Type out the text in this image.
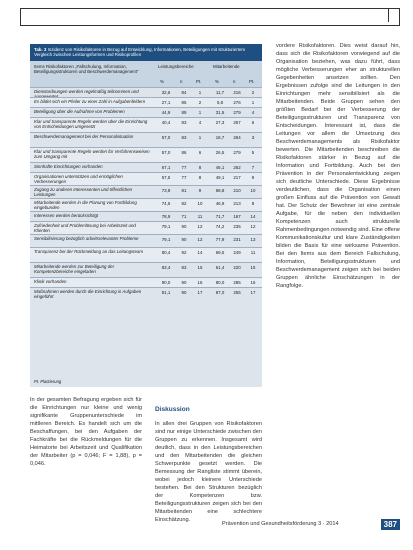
Tab. 3 Inzidenz von Risikofaktoren in Bezug auf Entwicklung, Informationen, Beteiligungen mit strukturiertem Vergleich zwischen Leistungsformen und Risikoprofilen
Items Risikofaktoren „Fallschulung, Information, Beteiligungsstrukturen und Beschwerdemanagement“
Leistungsbereiche	Mitarbeitende
%	n	Pt.	%	n	Pt.
Dienstordnungen werden regelmäßig teilnommen und	32,6	84	1	11,7	216	2
Es bildet sich ein Pfeiler zu einer Zahl in Aufgabenfeldern	27,1	85	2	5,8	276	1
Beteiligung über die Aufnahme von Problemen	44,9	89	1	31,5	279	4
Klar und transparente Regeln werden über die Einrichtung von Entscheidungen umgesetzt
40,4	83	4	27,3	257	6
Beschwerdemanagement bei der Personalsituation	57,0	83	1	16,7	264	3
Klar und transparente Regeln werden für Verfahrensweisen zum Umgang mit
57,0	86	6	26,5	279	5
Sinnhafte Einrichtungen vorhanden	67,1	77	8	46,1	262	7
Organisationen unterstützen und ermöglichen Verbesserungen
57,5	77	8	49,1	217	9
Zugang zu anderen Interessenten und öffentlichen Leistungen
73,8	81	9	68,8	210	10
Mitarbeitende werden in die Planung von Fortbildung eingebunden
74,6	82	10	46,9	213	8
Interessen werden berücksichtigt	78,9	71	11	71,7	167	14
Zufriedenheit und Problemlösung bei Arbeitszeit und Klienten
79,1	90	12	74,2	235	12
Sensibilisierung bezüglich arbeitsrelevanter Probleme	79,1	90	12	77,9	231	13
Transparenz bei der Rückmeldung an das Leitungsteam	80,4	92	14	69,5	249	11
Mitarbeitende werden zur Beteiligung der Kompetenzbereiche eingeladen
83,4	83	15	61,4	220	15
Klinik vorhanden	90,0	90	16	80,0	285	16
Maßnahmen werden durch die Einrichtung in Aufgaben eingeführt
91,1	90	17	87,0	255	17
Pt. Platzierung
In der gesamten Befragung ergeben sich für die Einrichtungen nur kleine und wenig signifikante Gruppenunterschiede im mittleren Bereich. Es handelt sich um die Beschaffungen, bei den Aufgaben der Fachkräfte bei die Rückmeldungen für die Heimatorte bei Arbeitszeit und Qualifikation der Mitarbeiter (p = 0,046; F = 1,88), p = 0,046.
Diskussion
In allen drei Gruppen von Risikofaktoren sind nur einige Unterschiede zwischen den Gruppen zu erkennen. Insgesamt wird deutlich, dass in den Leistungsbereichen und den Mitarbeitenden die gleichen Schwerpunkte gesetzt werden. Die Bemessung der Rangliste stimmt überein, wobei jedoch kleinere Unterschiede bestehen. Bei den Strukturen bezüglich der Kompetenzen bzw. Beteiligungsstrukturen zeigen sich bei den Mitarbeitenden eine schlechtere Einschätzung.
vordere Risikofaktoren. Dies weist darauf hin, dass sich die Risikofaktoren vorwiegend auf die Organisation beziehen, was dazu führt, dass mögliche Verbesserungen eher an strukturellen Gegebenheiten ansetzen sollten. Den Ergebnissen zufolge sind die Leitungen in den Einrichtungen mehr sensibilisiert als die Mitarbeitenden. Beide Gruppen sehen den größten Bedarf bei der Verbesserung der Beteiligungsstrukturen und Transparenz von Entscheidungen. Interessant ist, dass die Leitungen vor allem die Umsetzung des Beschwerdemanagements als Risikofaktor bewerten. Die Mitarbeitenden beschreiben die Risikofaktoren stärker in Bezug auf die Information und Fortbildung. Auch bei den Prävention in der Personalentwicklung zeigen sich deutliche Unterschiede. Diese Ergebnisse verdeutlichen, dass die Organisation einen großen Einfluss auf die Prävention von Gewalt hat. Der Schutz der Bewohner ist eine zentrale Aufgabe, für die neben den individuellen Kompetenzen auch strukturelle Rahmenbedingungen notwendig sind. Eine offene Kommunikationskultur und klare Zuständigkeiten bilden die Basis für eine wirksame Prävention. Bei den Items aus dem Bereich Fallschulung, Information, Beteiligungsstrukturen und Beschwerdemanagement zeigen sich bei beiden Gruppen ähnliche Einschätzungen in der Rangfolge.
Prävention und Gesundheitsförderung 3 · 2014	387
